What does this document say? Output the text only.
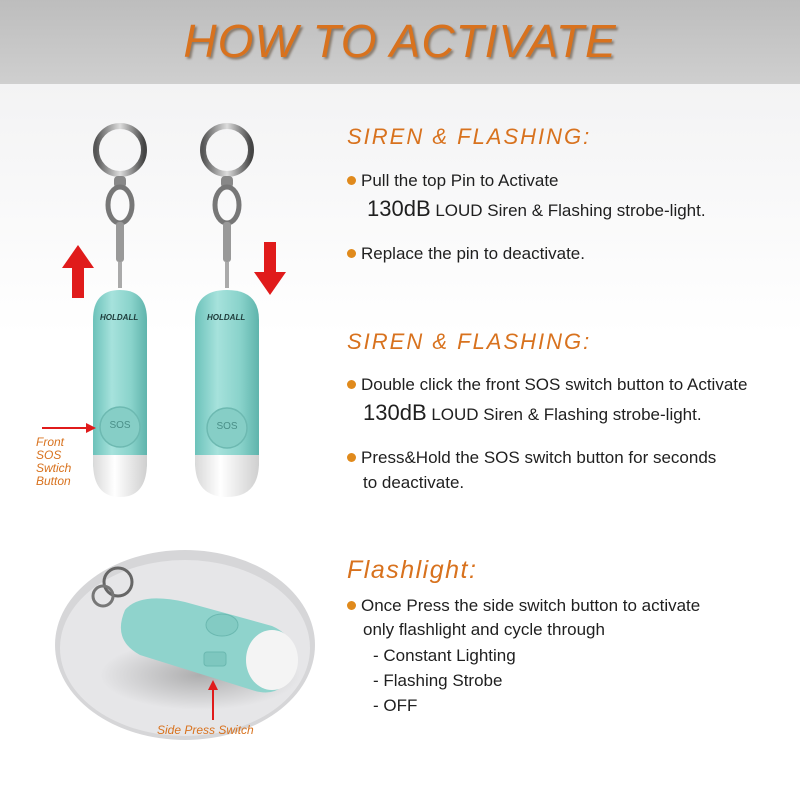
HOW TO ACTIVATE
HOLDALL	HOLDALL
SOS	SOS
Front
SOS
Swtich
Button
Side Press Switch
SIREN & FLASHING:
Pull the top Pin to Activate
130dB LOUD Siren & Flashing strobe-light.
Replace the pin to deactivate.
SIREN & FLASHING:
Double click the front SOS switch button to Activate
130dB LOUD Siren & Flashing strobe-light.
Press&Hold the SOS switch button for seconds
to deactivate.
Flashlight:
Once Press the side switch button to activate
only flashlight and cycle through
- Constant Lighting
- Flashing Strobe
- OFF
